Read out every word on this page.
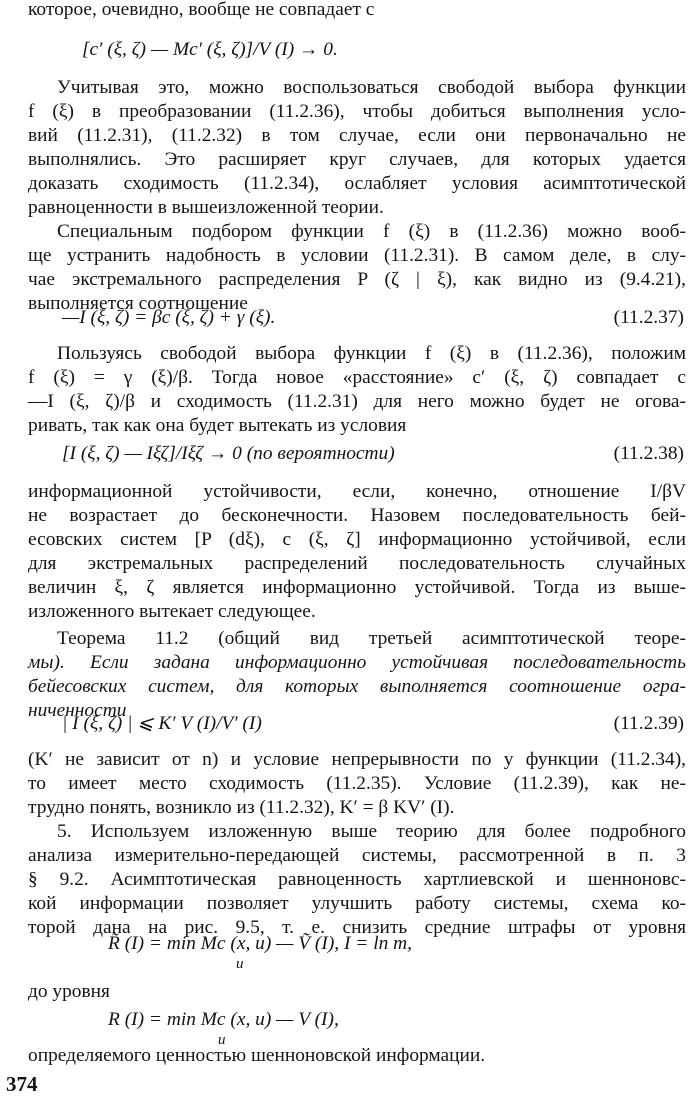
которое, очевидно, вообще не совпадает с
[c′ (ξ, ζ) — Mc′ (ξ, ζ)]/V (I) → 0.
Учитывая это, можно воспользоваться свободой выбора функции
f (ξ) в преобразовании (11.2.36), чтобы добиться выполнения усло-
вий (11.2.31), (11.2.32) в том случае, если они первоначально не
выполнялись. Это расширяет круг случаев, для которых удается
доказать сходимость (11.2.34), ослабляет условия асимптотической
равноценности в вышеизложенной теории.
Специальным подбором функции f (ξ) в (11.2.36) можно вооб-
ще устранить надобность в условии (11.2.31). В самом деле, в слу-
чае экстремального распределения P (ζ | ξ), как видно из (9.4.21),
выполняется соотношение
—I (ξ, ζ) = βc (ξ, ζ) + γ (ξ).	(11.2.37)
Пользуясь свободой выбора функции f (ξ) в (11.2.36), положим
f (ξ) = γ (ξ)/β. Тогда новое «расстояние» c′ (ξ, ζ) совпадает с
—I (ξ, ζ)/β и сходимость (11.2.31) для него можно будет не огова-
ривать, так как она будет вытекать из условия
[I (ξ, ζ) — Iξζ]/Iξζ → 0 (по вероятности)	(11.2.38)
информационной устойчивости, если, конечно, отношение I/βV
не возрастает до бесконечности. Назовем последовательность бей-
есовских систем [P (dξ), c (ξ, ζ] информационно устойчивой, если
для экстремальных распределений последовательность случайных
величин ξ, ζ является информационно устойчивой. Тогда из выше-
изложенного вытекает следующее.
Теорема 11.2 (общий вид третьей асимптотической теоре-
мы). Если задана информационно устойчивая последовательность
бейесовских систем, для которых выполняется соотношение огра-
ниченности
| I (ξ, ζ) | ⩽ K′ V (I)/V′ (I)	(11.2.39)
(K′ не зависит от n) и условие непрерывности по у функции (11.2.34),
то имеет место сходимость (11.2.35). Условие (11.2.39), как не-
трудно понять, возникло из (11.2.32), K′ = β KV′ (I).
5. Используем изложенную выше теорию для более подробного
анализа измерительно-передающей системы, рассмотренной в п. 3
§ 9.2. Асимптотическая равноценность хартлиевской и шенноновс-
кой информации позволяет улучшить работу системы, схема ко-
торой дана на рис. 9.5, т. е. снизить средние штрафы от уровня
R̃ (I) = min Mc (x, u) — Ṽ (I), I = ln m,
u
до уровня
R (I) = min Mc (x, u) — V (I),
u
определяемого ценностью шенноновской информации.
374
